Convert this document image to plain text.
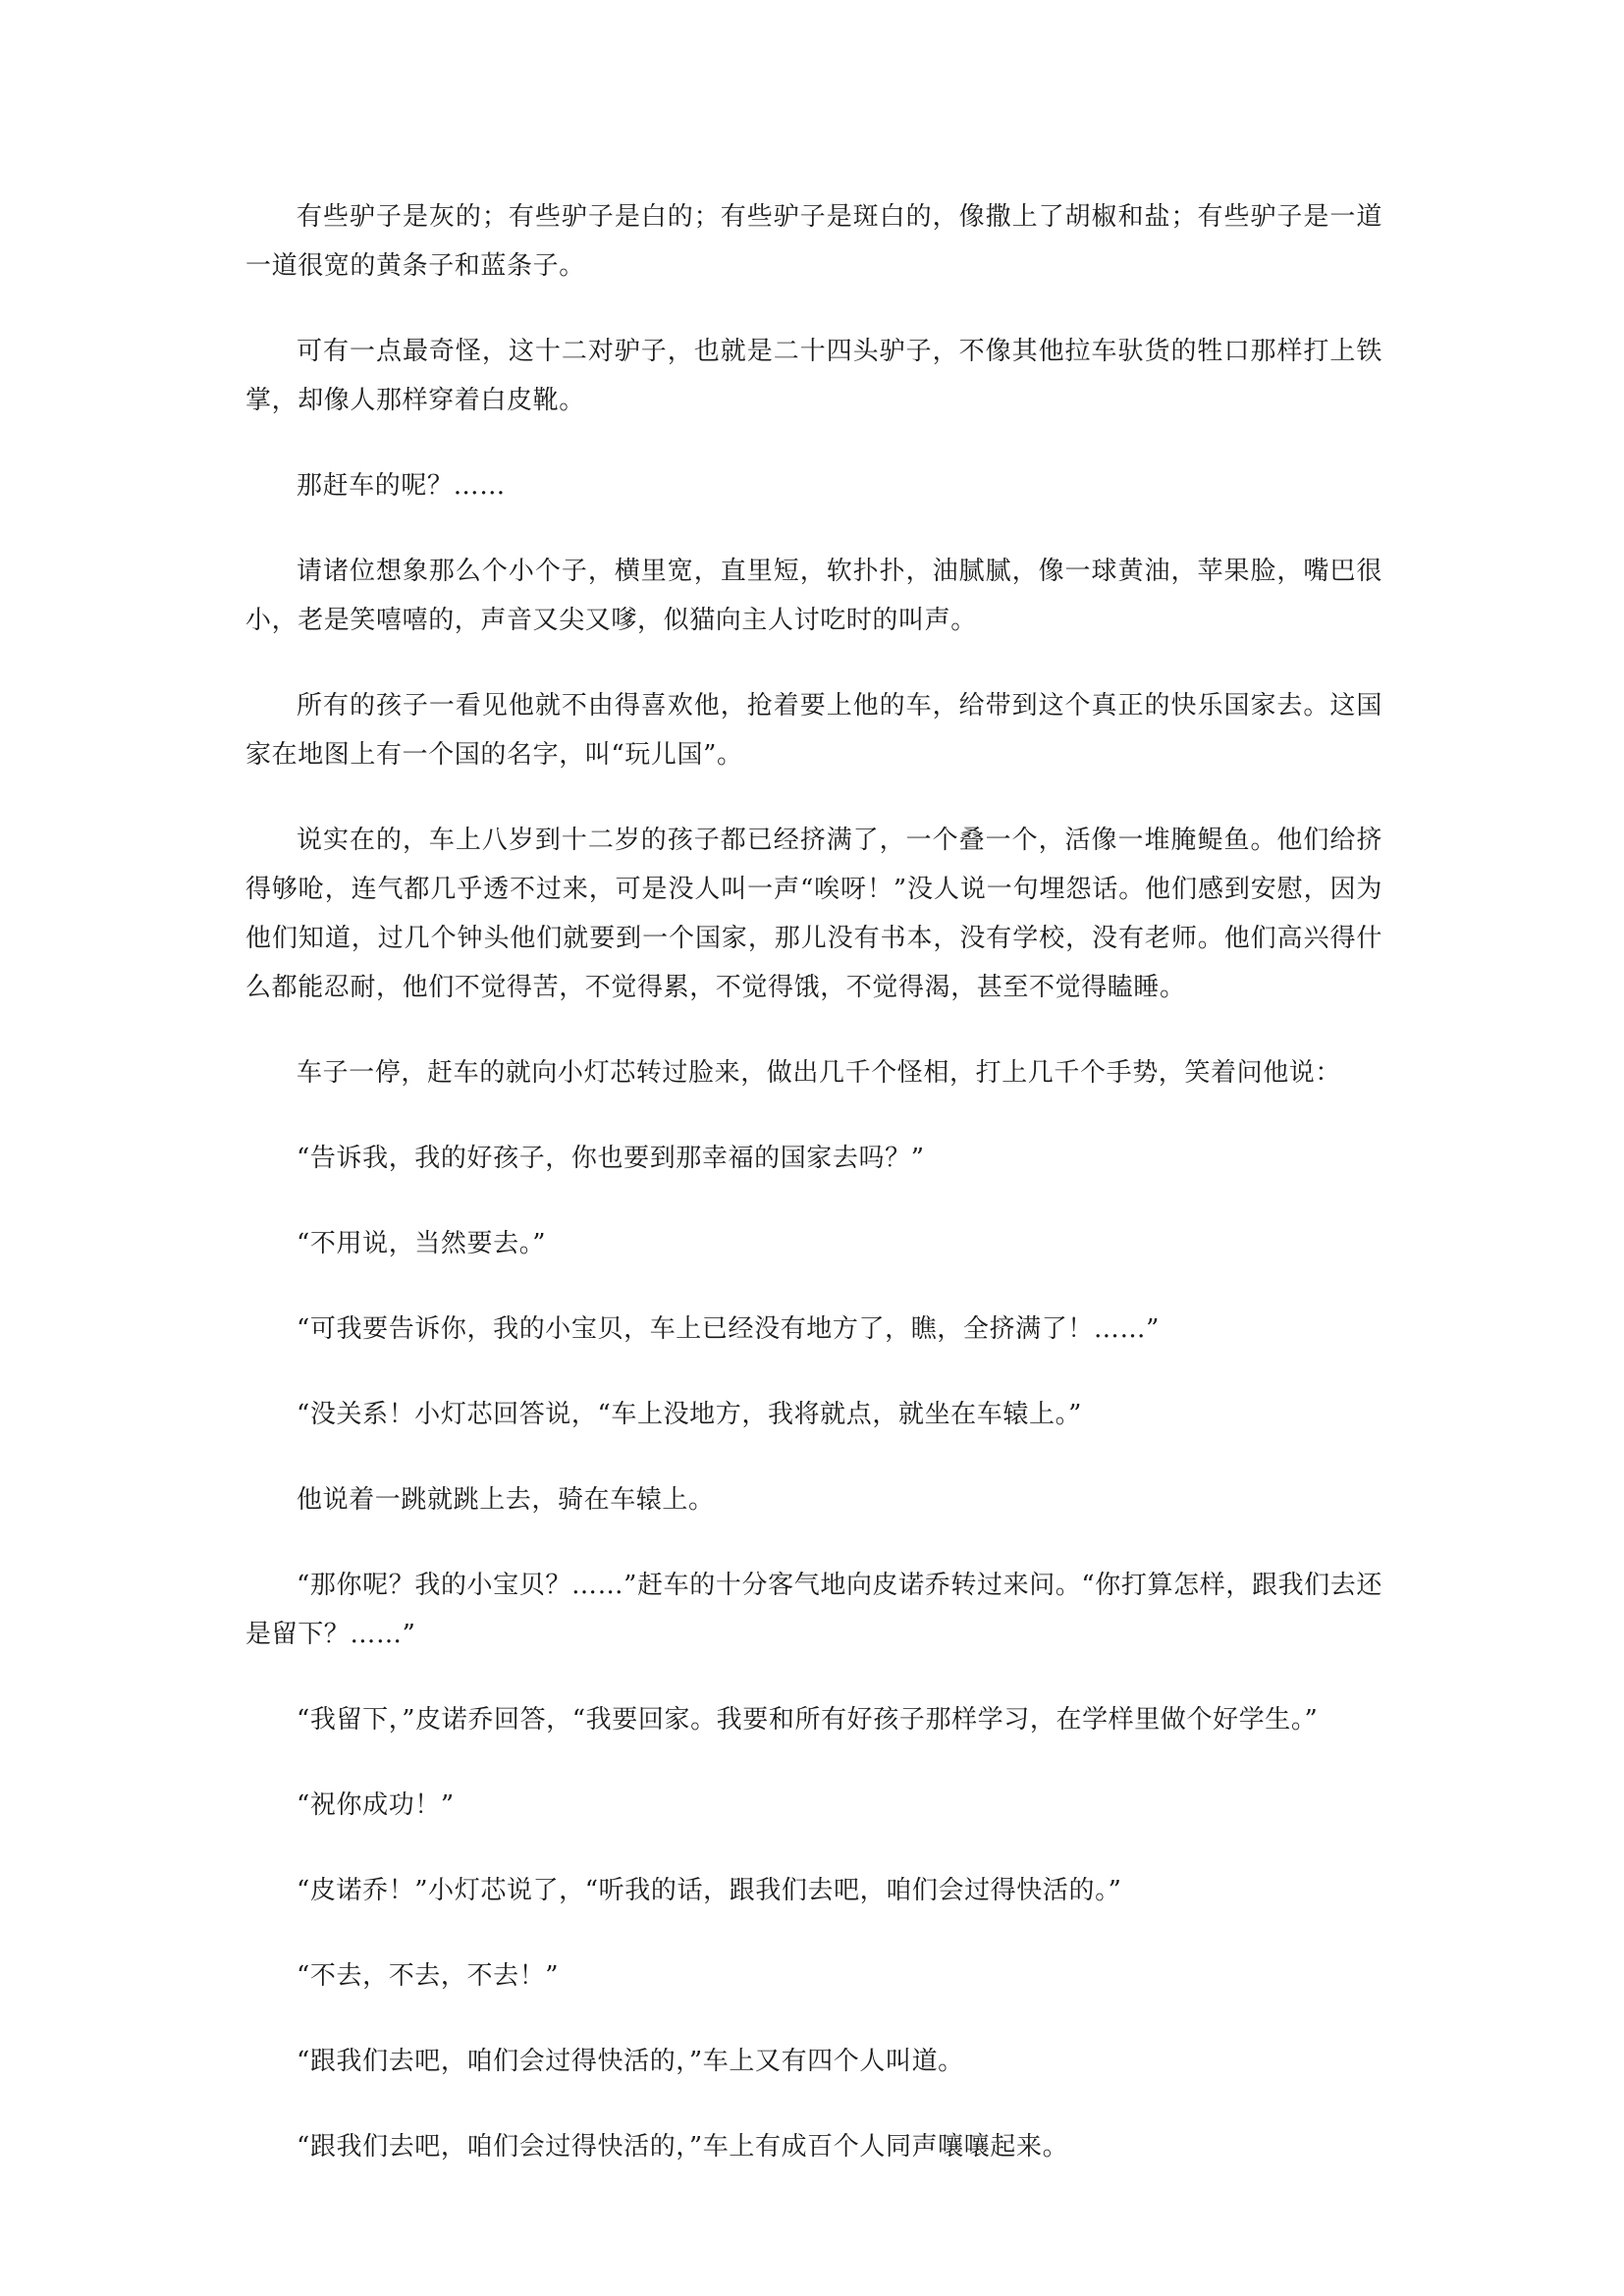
有些驴子是灰的；有些驴子是白的；有些驴子是斑白的，像撒上了胡椒和盐；有些驴子是一道一道很宽的黄条子和蓝条子。

可有一点最奇怪，这十二对驴子，也就是二十四头驴子，不像其他拉车驮货的牲口那样打上铁掌，却像人那样穿着白皮靴。

那赶车的呢？……

请诸位想象那么个小个子，横里宽，直里短，软扑扑，油腻腻，像一球黄油，苹果脸，嘴巴很小，老是笑嘻嘻的，声音又尖又嗲，似猫向主人讨吃时的叫声。

所有的孩子一看见他就不由得喜欢他，抢着要上他的车，给带到这个真正的快乐国家去。这国家在地图上有一个国的名字，叫“玩儿国”。

说实在的，车上八岁到十二岁的孩子都已经挤满了，一个叠一个，活像一堆腌鳀鱼。他们给挤得够呛，连气都几乎透不过来，可是没人叫一声“唉呀！”没人说一句埋怨话。他们感到安慰，因为他们知道，过几个钟头他们就要到一个国家，那儿没有书本，没有学校，没有老师。他们高兴得什么都能忍耐，他们不觉得苦，不觉得累，不觉得饿，不觉得渴，甚至不觉得瞌睡。

车子一停，赶车的就向小灯芯转过脸来，做出几千个怪相，打上几千个手势，笑着问他说：

“告诉我，我的好孩子，你也要到那幸福的国家去吗？”

“不用说，当然要去。”

“可我要告诉你，我的小宝贝，车上已经没有地方了，瞧，全挤满了！……”

“没关系！小灯芯回答说，“车上没地方，我将就点，就坐在车辕上。”

他说着一跳就跳上去，骑在车辕上。

“那你呢？我的小宝贝？……”赶车的十分客气地向皮诺乔转过来问。“你打算怎样，跟我们去还是留下？……”

“我留下，”皮诺乔回答，“我要回家。我要和所有好孩子那样学习，在学样里做个好学生。”

“祝你成功！”

“皮诺乔！”小灯芯说了，“听我的话，跟我们去吧，咱们会过得快活的。”

“不去，不去，不去！”

“跟我们去吧，咱们会过得快活的，”车上又有四个人叫道。

“跟我们去吧，咱们会过得快活的，”车上有成百个人同声嚷嚷起来。
